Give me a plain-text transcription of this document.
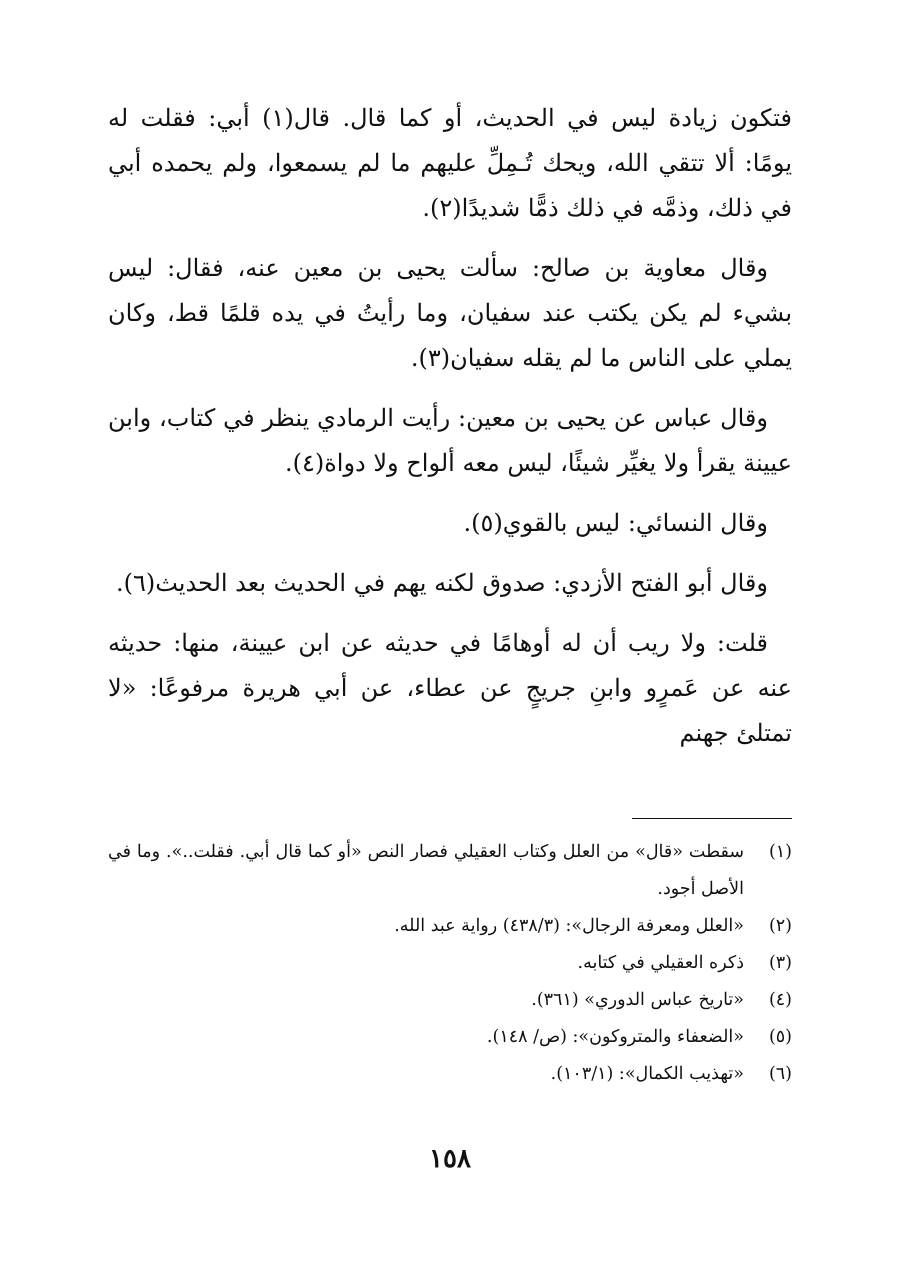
فتكون زيادة ليس في الحديث، أو كما قال. قال(١) أبي: فقلت له يومًا: ألا تتقي الله، ويحك تُـمِلِّ عليهم ما لم يسمعوا، ولم يحمده أبي في ذلك، وذمَّه في ذلك ذمًّا شديدًا(٢).

وقال معاوية بن صالح: سألت يحيى بن معين عنه، فقال: ليس بشيء لم يكن يكتب عند سفيان، وما رأيتُ في يده قلمًا قط، وكان يملي على الناس ما لم يقله سفيان(٣).

وقال عباس عن يحيى بن معين: رأيت الرمادي ينظر في كتاب، وابن عيينة يقرأ ولا يغيِّر شيئًا، ليس معه ألواح ولا دواة(٤).

وقال النسائي: ليس بالقوي(٥).

وقال أبو الفتح الأزدي: صدوق لكنه يهم في الحديث بعد الحديث(٦).

قلت: ولا ريب أن له أوهامًا في حديثه عن ابن عيينة، منها: حديثه عنه عن عَمرٍو وابنِ جريجٍ عن عطاء، عن أبي هريرة مرفوعًا: «لا تمتلئ جهنم

(١)
سقطت «قال» من العلل وكتاب العقيلي فصار النص «أو كما قال أبي. فقلت..». وما في الأصل أجود.
(٢)
«العلل ومعرفة الرجال»: (٤٣٨/٣) رواية عبد الله.
(٣)
ذكره العقيلي في كتابه.
(٤)
«تاريخ عباس الدوري» (٣٦١).
(٥)
«الضعفاء والمتروكون»: (ص/ ١٤٨).
(٦)
«تهذيب الكمال»: (١٠٣/١).
١٥٨
